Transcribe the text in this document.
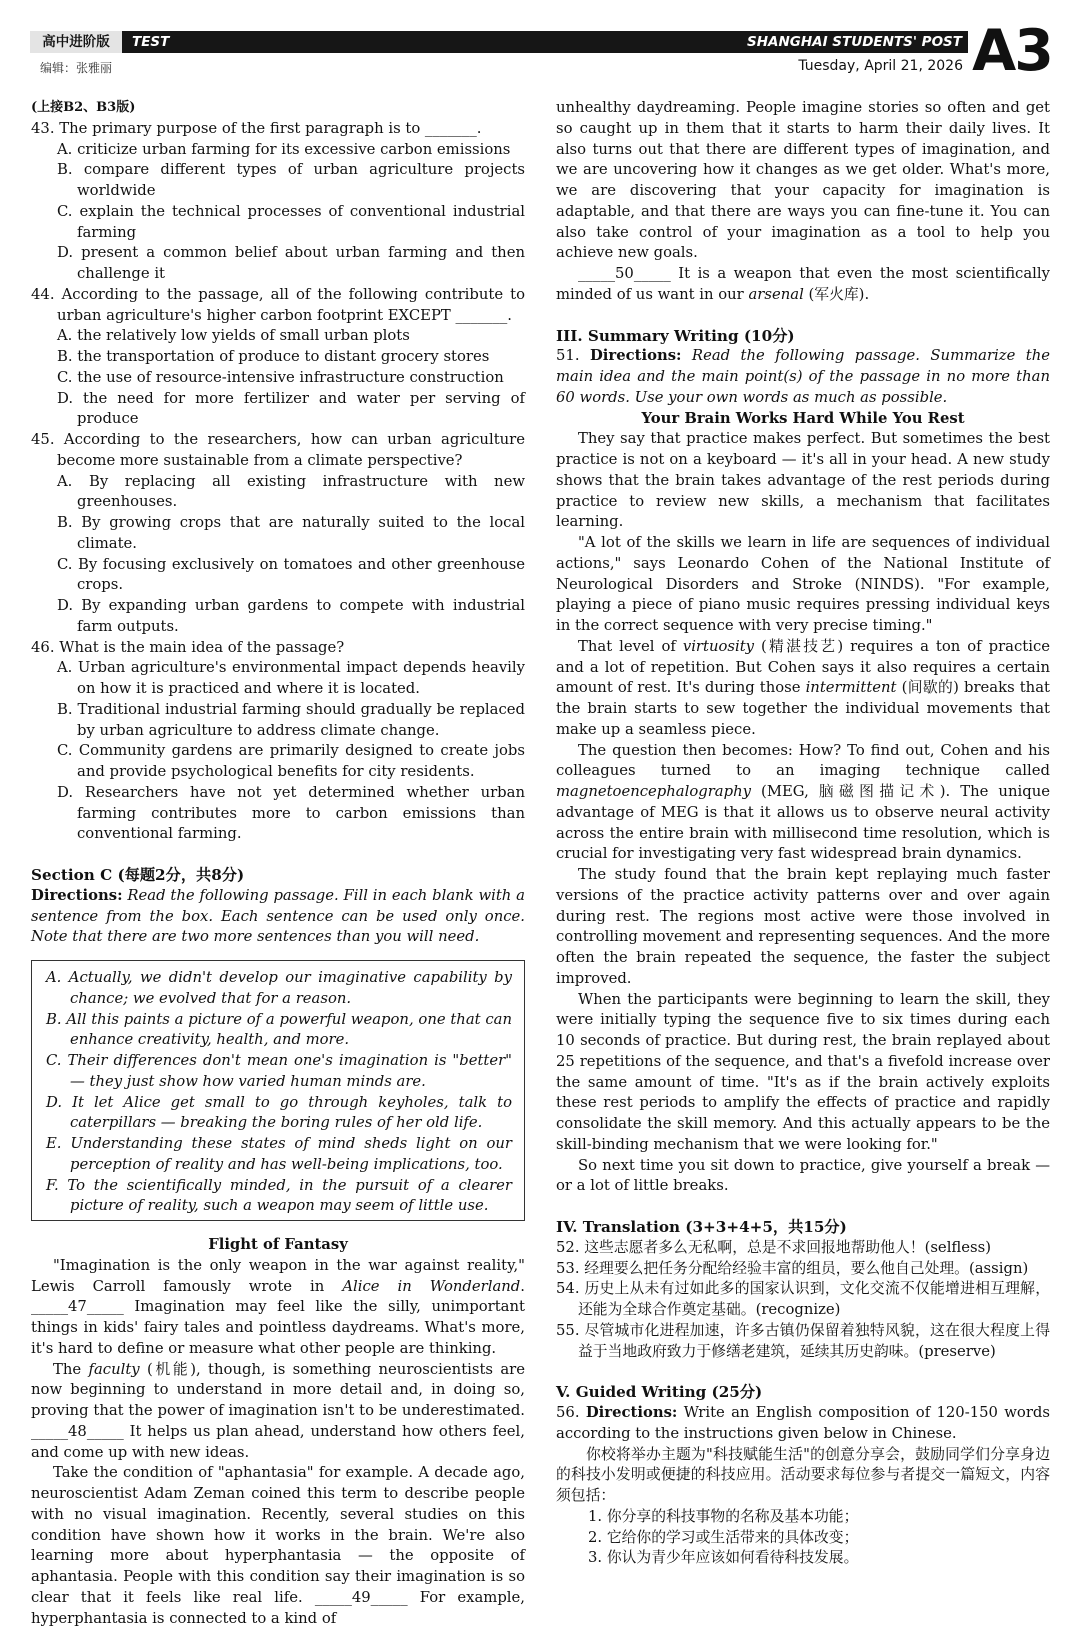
高中进阶版	TEST	SHANGHAI STUDENTS' POST A3
编辑：张雅丽	Tuesday, April 21, 2026

(上接B2、B3版)

43. The primary purpose of the first paragraph is to _______.

A. criticize urban farming for its excessive carbon emissions

B. compare different types of urban agriculture projects worldwide

C. explain the technical processes of conventional industrial farming

D. present a common belief about urban farming and then challenge it

44. According to the passage, all of the following contribute to urban agriculture's higher carbon footprint EXCEPT _______.

A. the relatively low yields of small urban plots

B. the transportation of produce to distant grocery stores

C. the use of resource-intensive infrastructure construction

D. the need for more fertilizer and water per serving of produce

45. According to the researchers, how can urban agriculture become more sustainable from a climate perspective?

A. By replacing all existing infrastructure with new greenhouses.

B. By growing crops that are naturally suited to the local climate.

C. By focusing exclusively on tomatoes and other greenhouse crops.

D. By expanding urban gardens to compete with industrial farm outputs.

46. What is the main idea of the passage?

A. Urban agriculture's environmental impact depends heavily on how it is practiced and where it is located.

B. Traditional industrial farming should gradually be replaced by urban agriculture to address climate change.

C. Community gardens are primarily designed to create jobs and provide psychological benefits for city residents.

D. Researchers have not yet determined whether urban farming contributes more to carbon emissions than conventional farming.

Section C (每题2分，共8分)

Directions: Read the following passage. Fill in each blank with a sentence from the box. Each sentence can be used only once. Note that there are two more sentences than you will need.

A. Actually, we didn't develop our imaginative capability by chance; we evolved that for a reason.

B. All this paints a picture of a powerful weapon, one that can enhance creativity, health, and more.

C. Their differences don't mean one's imagination is "better" — they just show how varied human minds are.

D. It let Alice get small to go through keyholes, talk to caterpillars — breaking the boring rules of her old life.

E. Understanding these states of mind sheds light on our perception of reality and has well-being implications, too.

F. To the scientifically minded, in the pursuit of a clearer picture of reality, such a weapon may seem of little use.

Flight of Fantasy

"Imagination is the only weapon in the war against reality," Lewis Carroll famously wrote in Alice in Wonderland. _____47_____ Imagination may feel like the silly, unimportant things in kids' fairy tales and pointless daydreams. What's more, it's hard to define or measure what other people are thinking.

The faculty (机能), though, is something neuroscientists are now beginning to understand in more detail and, in doing so, proving that the power of imagination isn't to be underestimated. _____48_____ It helps us plan ahead, understand how others feel, and come up with new ideas.

Take the condition of "aphantasia" for example. A decade ago, neuroscientist Adam Zeman coined this term to describe people with no visual imagination. Recently, several studies on this condition have shown how it works in the brain. We're also learning more about hyperphantasia — the opposite of aphantasia. People with this condition say their imagination is so clear that it feels like real life. _____49_____ For example, hyperphantasia is connected to a kind of

unhealthy daydreaming. People imagine stories so often and get so caught up in them that it starts to harm their daily lives. It also turns out that there are different types of imagination, and we are uncovering how it changes as we get older. What's more, we are discovering that your capacity for imagination is adaptable, and that there are ways you can fine-tune it. You can also take control of your imagination as a tool to help you achieve new goals.

_____50_____ It is a weapon that even the most scientifically minded of us want in our arsenal (军火库).

III. Summary Writing (10分)

51. Directions: Read the following passage. Summarize the main idea and the main point(s) of the passage in no more than 60 words. Use your own words as much as possible.

Your Brain Works Hard While You Rest

They say that practice makes perfect. But sometimes the best practice is not on a keyboard — it's all in your head. A new study shows that the brain takes advantage of the rest periods during practice to review new skills, a mechanism that facilitates learning.

"A lot of the skills we learn in life are sequences of individual actions," says Leonardo Cohen of the National Institute of Neurological Disorders and Stroke (NINDS). "For example, playing a piece of piano music requires pressing individual keys in the correct sequence with very precise timing."

That level of virtuosity (精湛技艺) requires a ton of practice and a lot of repetition. But Cohen says it also requires a certain amount of rest. It's during those intermittent (间歇的) breaks that the brain starts to sew together the individual movements that make up a seamless piece.

The question then becomes: How? To find out, Cohen and his colleagues turned to an imaging technique called magnetoencephalography (MEG, 脑磁图描记术). The unique advantage of MEG is that it allows us to observe neural activity across the entire brain with millisecond time resolution, which is crucial for investigating very fast widespread brain dynamics.

The study found that the brain kept replaying much faster versions of the practice activity patterns over and over again during rest. The regions most active were those involved in controlling movement and representing sequences. And the more often the brain repeated the sequence, the faster the subject improved.

When the participants were beginning to learn the skill, they were initially typing the sequence five to six times during each 10 seconds of practice. But during rest, the brain replayed about 25 repetitions of the sequence, and that's a fivefold increase over the same amount of time. "It's as if the brain actively exploits these rest periods to amplify the effects of practice and rapidly consolidate the skill memory. And this actually appears to be the skill-binding mechanism that we were looking for."

So next time you sit down to practice, give yourself a break — or a lot of little breaks.

IV. Translation (3+3+4+5，共15分)

52. 这些志愿者多么无私啊，总是不求回报地帮助他人！(selfless)

53. 经理要么把任务分配给经验丰富的组员，要么他自己处理。(assign)

54. 历史上从未有过如此多的国家认识到，文化交流不仅能增进相互理解，还能为全球合作奠定基础。(recognize)

55. 尽管城市化进程加速，许多古镇仍保留着独特风貌，这在很大程度上得益于当地政府致力于修缮老建筑，延续其历史韵味。(preserve)

V. Guided Writing (25分)

56. Directions: Write an English composition of 120-150 words according to the instructions given below in Chinese.

你校将举办主题为"科技赋能生活"的创意分享会，鼓励同学们分享身边的科技小发明或便捷的科技应用。活动要求每位参与者提交一篇短文，内容须包括：

1. 你分享的科技事物的名称及基本功能；

2. 它给你的学习或生活带来的具体改变；

3. 你认为青少年应该如何看待科技发展。
